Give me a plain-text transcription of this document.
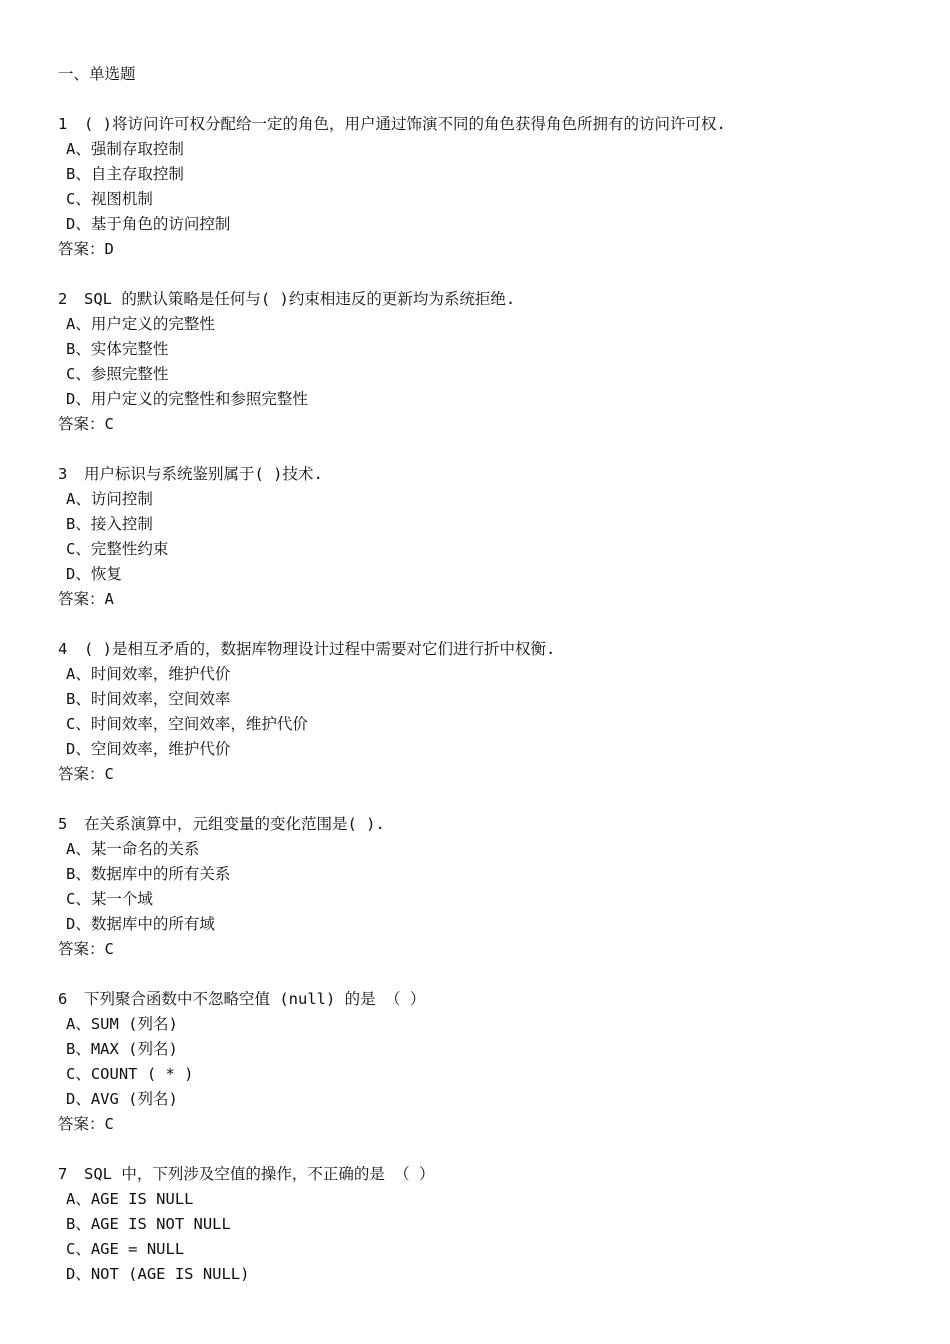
一、单选题
1 ( )将访问许可权分配给一定的角色，用户通过饰演不同的角色获得角色所拥有的访问许可权.
A、强制存取控制
B、自主存取控制
C、视图机制
D、基于角色的访问控制
答案：D
2 SQL 的默认策略是任何与( )约束相违反的更新均为系统拒绝.
A、用户定义的完整性
B、实体完整性
C、参照完整性
D、用户定义的完整性和参照完整性
答案：C
3 用户标识与系统鉴别属于( )技术.
A、访问控制
B、接入控制
C、完整性约束
D、恢复
答案：A
4 ( )是相互矛盾的，数据库物理设计过程中需要对它们进行折中权衡.
A、时间效率，维护代价
B、时间效率，空间效率
C、时间效率，空间效率，维护代价
D、空间效率，维护代价
答案：C
5 在关系演算中，元组变量的变化范围是( ).
A、某一命名的关系
B、数据库中的所有关系
C、某一个域
D、数据库中的所有域
答案：C
6 下列聚合函数中不忽略空值 (null) 的是 （ ）
A、SUM (列名)
B、MAX (列名)
C、COUNT ( * )
D、AVG (列名)
答案：C
7 SQL 中，下列涉及空值的操作，不正确的是 （ ）
A、AGE IS NULL
B、AGE IS NOT NULL
C、AGE = NULL
D、NOT (AGE IS NULL)
